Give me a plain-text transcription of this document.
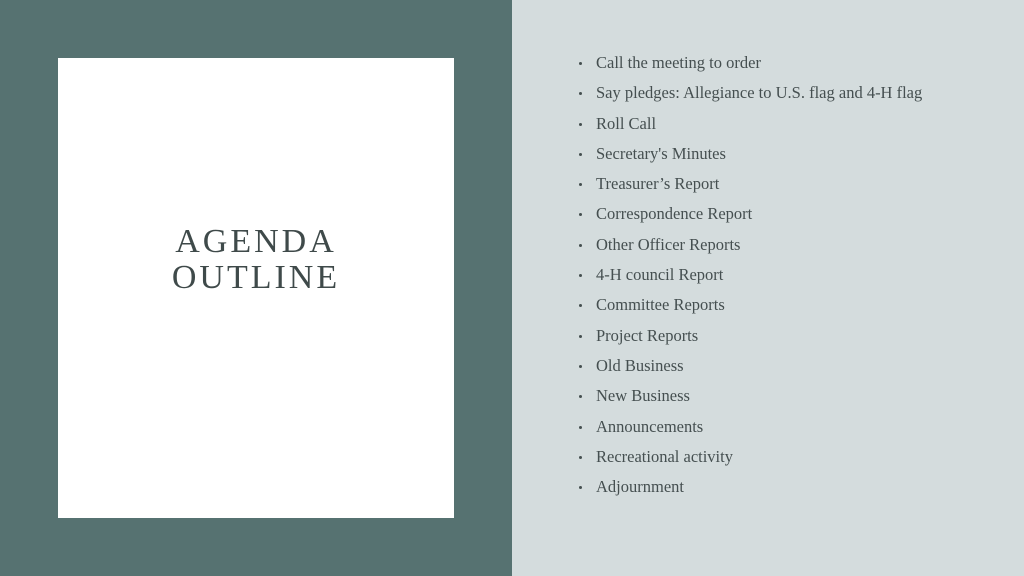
AGENDA
OUTLINE
Call the meeting to order
Say pledges: Allegiance to U.S. flag and 4-H flag
Roll Call
Secretary's Minutes
Treasurer’s Report
Correspondence Report
Other Officer Reports
4-H council Report
Committee Reports
Project Reports
Old Business
New Business
Announcements
Recreational activity
Adjournment
